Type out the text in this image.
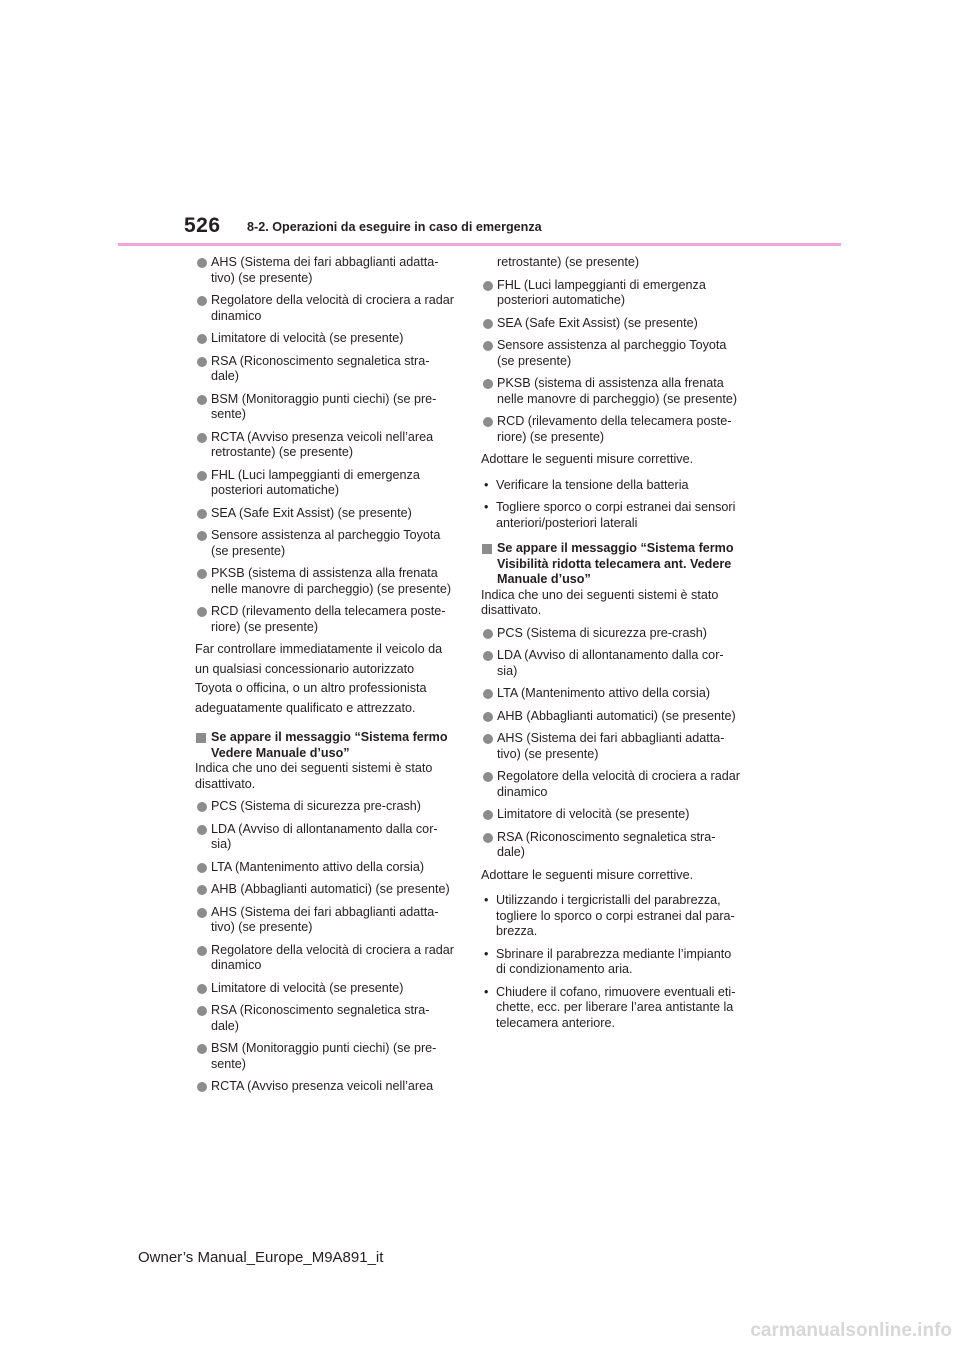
526 8-2. Operazioni da eseguire in caso di emergenza
AHS (Sistema dei fari abbaglianti adatta- tivo) (se presente)
Regolatore della velocità di crociera a radar dinamico
Limitatore di velocità (se presente)
RSA (Riconoscimento segnaletica stra- dale)
BSM (Monitoraggio punti ciechi) (se pre- sente)
RCTA (Avviso presenza veicoli nell’area retrostante) (se presente)
FHL (Luci lampeggianti di emergenza posteriori automatiche)
SEA (Safe Exit Assist) (se presente)
Sensore assistenza al parcheggio Toyota (se presente)
PKSB (sistema di assistenza alla frenata nelle manovre di parcheggio) (se presente)
RCD (rilevamento della telecamera poste- riore) (se presente)
Far controllare immediatamente il veicolo da
un qualsiasi concessionario autorizzato
Toyota o officina, o un altro professionista
adeguatamente qualificato e attrezzato.
Se appare il messaggio “Sistema fermo Vedere Manuale d’uso”
Indica che uno dei seguenti sistemi è stato disattivato.
PCS (Sistema di sicurezza pre-crash)
LDA (Avviso di allontanamento dalla cor- sia)
LTA (Mantenimento attivo della corsia)
AHB (Abbaglianti automatici) (se presente)
AHS (Sistema dei fari abbaglianti adatta- tivo) (se presente)
Regolatore della velocità di crociera a radar dinamico
Limitatore di velocità (se presente)
RSA (Riconoscimento segnaletica stra- dale)
BSM (Monitoraggio punti ciechi) (se pre- sente)
RCTA (Avviso presenza veicoli nell’area
retrostante) (se presente)
FHL (Luci lampeggianti di emergenza posteriori automatiche)
SEA (Safe Exit Assist) (se presente)
Sensore assistenza al parcheggio Toyota (se presente)
PKSB (sistema di assistenza alla frenata nelle manovre di parcheggio) (se presente)
RCD (rilevamento della telecamera poste- riore) (se presente)
Adottare le seguenti misure correttive.
• Verificare la tensione della batteria
• Togliere sporco o corpi estranei dai sensori anteriori/posteriori laterali
Se appare il messaggio “Sistema fermo Visibilità ridotta telecamera ant. Vedere Manuale d’uso”
Indica che uno dei seguenti sistemi è stato disattivato.
PCS (Sistema di sicurezza pre-crash)
LDA (Avviso di allontanamento dalla cor- sia)
LTA (Mantenimento attivo della corsia)
AHB (Abbaglianti automatici) (se presente)
AHS (Sistema dei fari abbaglianti adatta- tivo) (se presente)
Regolatore della velocità di crociera a radar dinamico
Limitatore di velocità (se presente)
RSA (Riconoscimento segnaletica stra- dale)
Adottare le seguenti misure correttive.
• Utilizzando i tergicristalli del parabrezza, togliere lo sporco o corpi estranei dal para- brezza.
• Sbrinare il parabrezza mediante l’impianto di condizionamento aria.
• Chiudere il cofano, rimuovere eventuali eti- chette, ecc. per liberare l’area antistante la telecamera anteriore.
Owner’s Manual_Europe_M9A891_it
carmanualsonline.info
